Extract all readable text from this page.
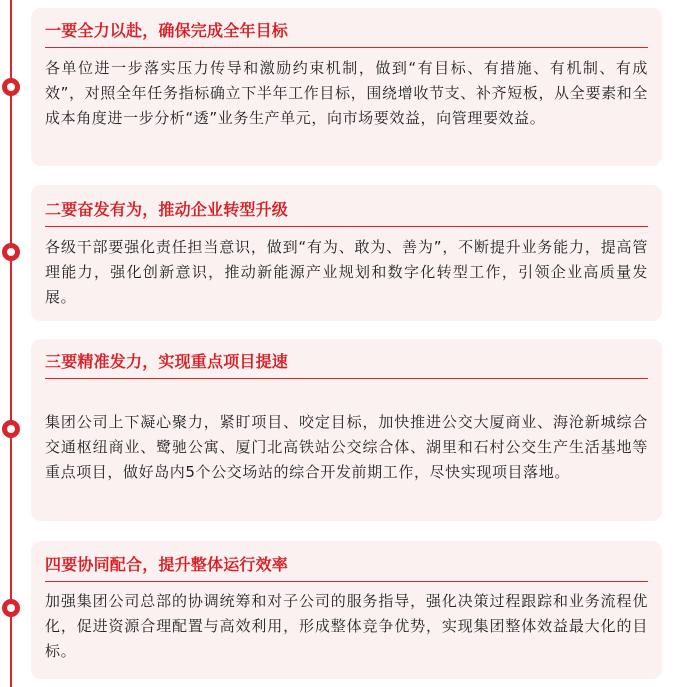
一要全力以赴，确保完成全年目标

各单位进一步落实压力传导和激励约束机制，做到“有目标、有措施、有机制、有成效”，对照全年任务指标确立下半年工作目标，围绕增收节支、补齐短板，从全要素和全成本角度进一步分析“透”业务生产单元，向市场要效益，向管理要效益。

二要奋发有为，推动企业转型升级

各级干部要强化责任担当意识，做到“有为、敢为、善为”，不断提升业务能力，提高管理能力，强化创新意识，推动新能源产业规划和数字化转型工作，引领企业高质量发展。

三要精准发力，实现重点项目提速

集团公司上下凝心聚力，紧盯项目、咬定目标，加快推进公交大厦商业、海沧新城综合交通枢纽商业、鹭驰公寓、厦门北高铁站公交综合体、湖里和石村公交生产生活基地等重点项目，做好岛内5个公交场站的综合开发前期工作，尽快实现项目落地。

四要协同配合，提升整体运行效率

加强集团公司总部的协调统筹和对子公司的服务指导，强化决策过程跟踪和业务流程优化，促进资源合理配置与高效利用，形成整体竞争优势，实现集团整体效益最大化的目标。
